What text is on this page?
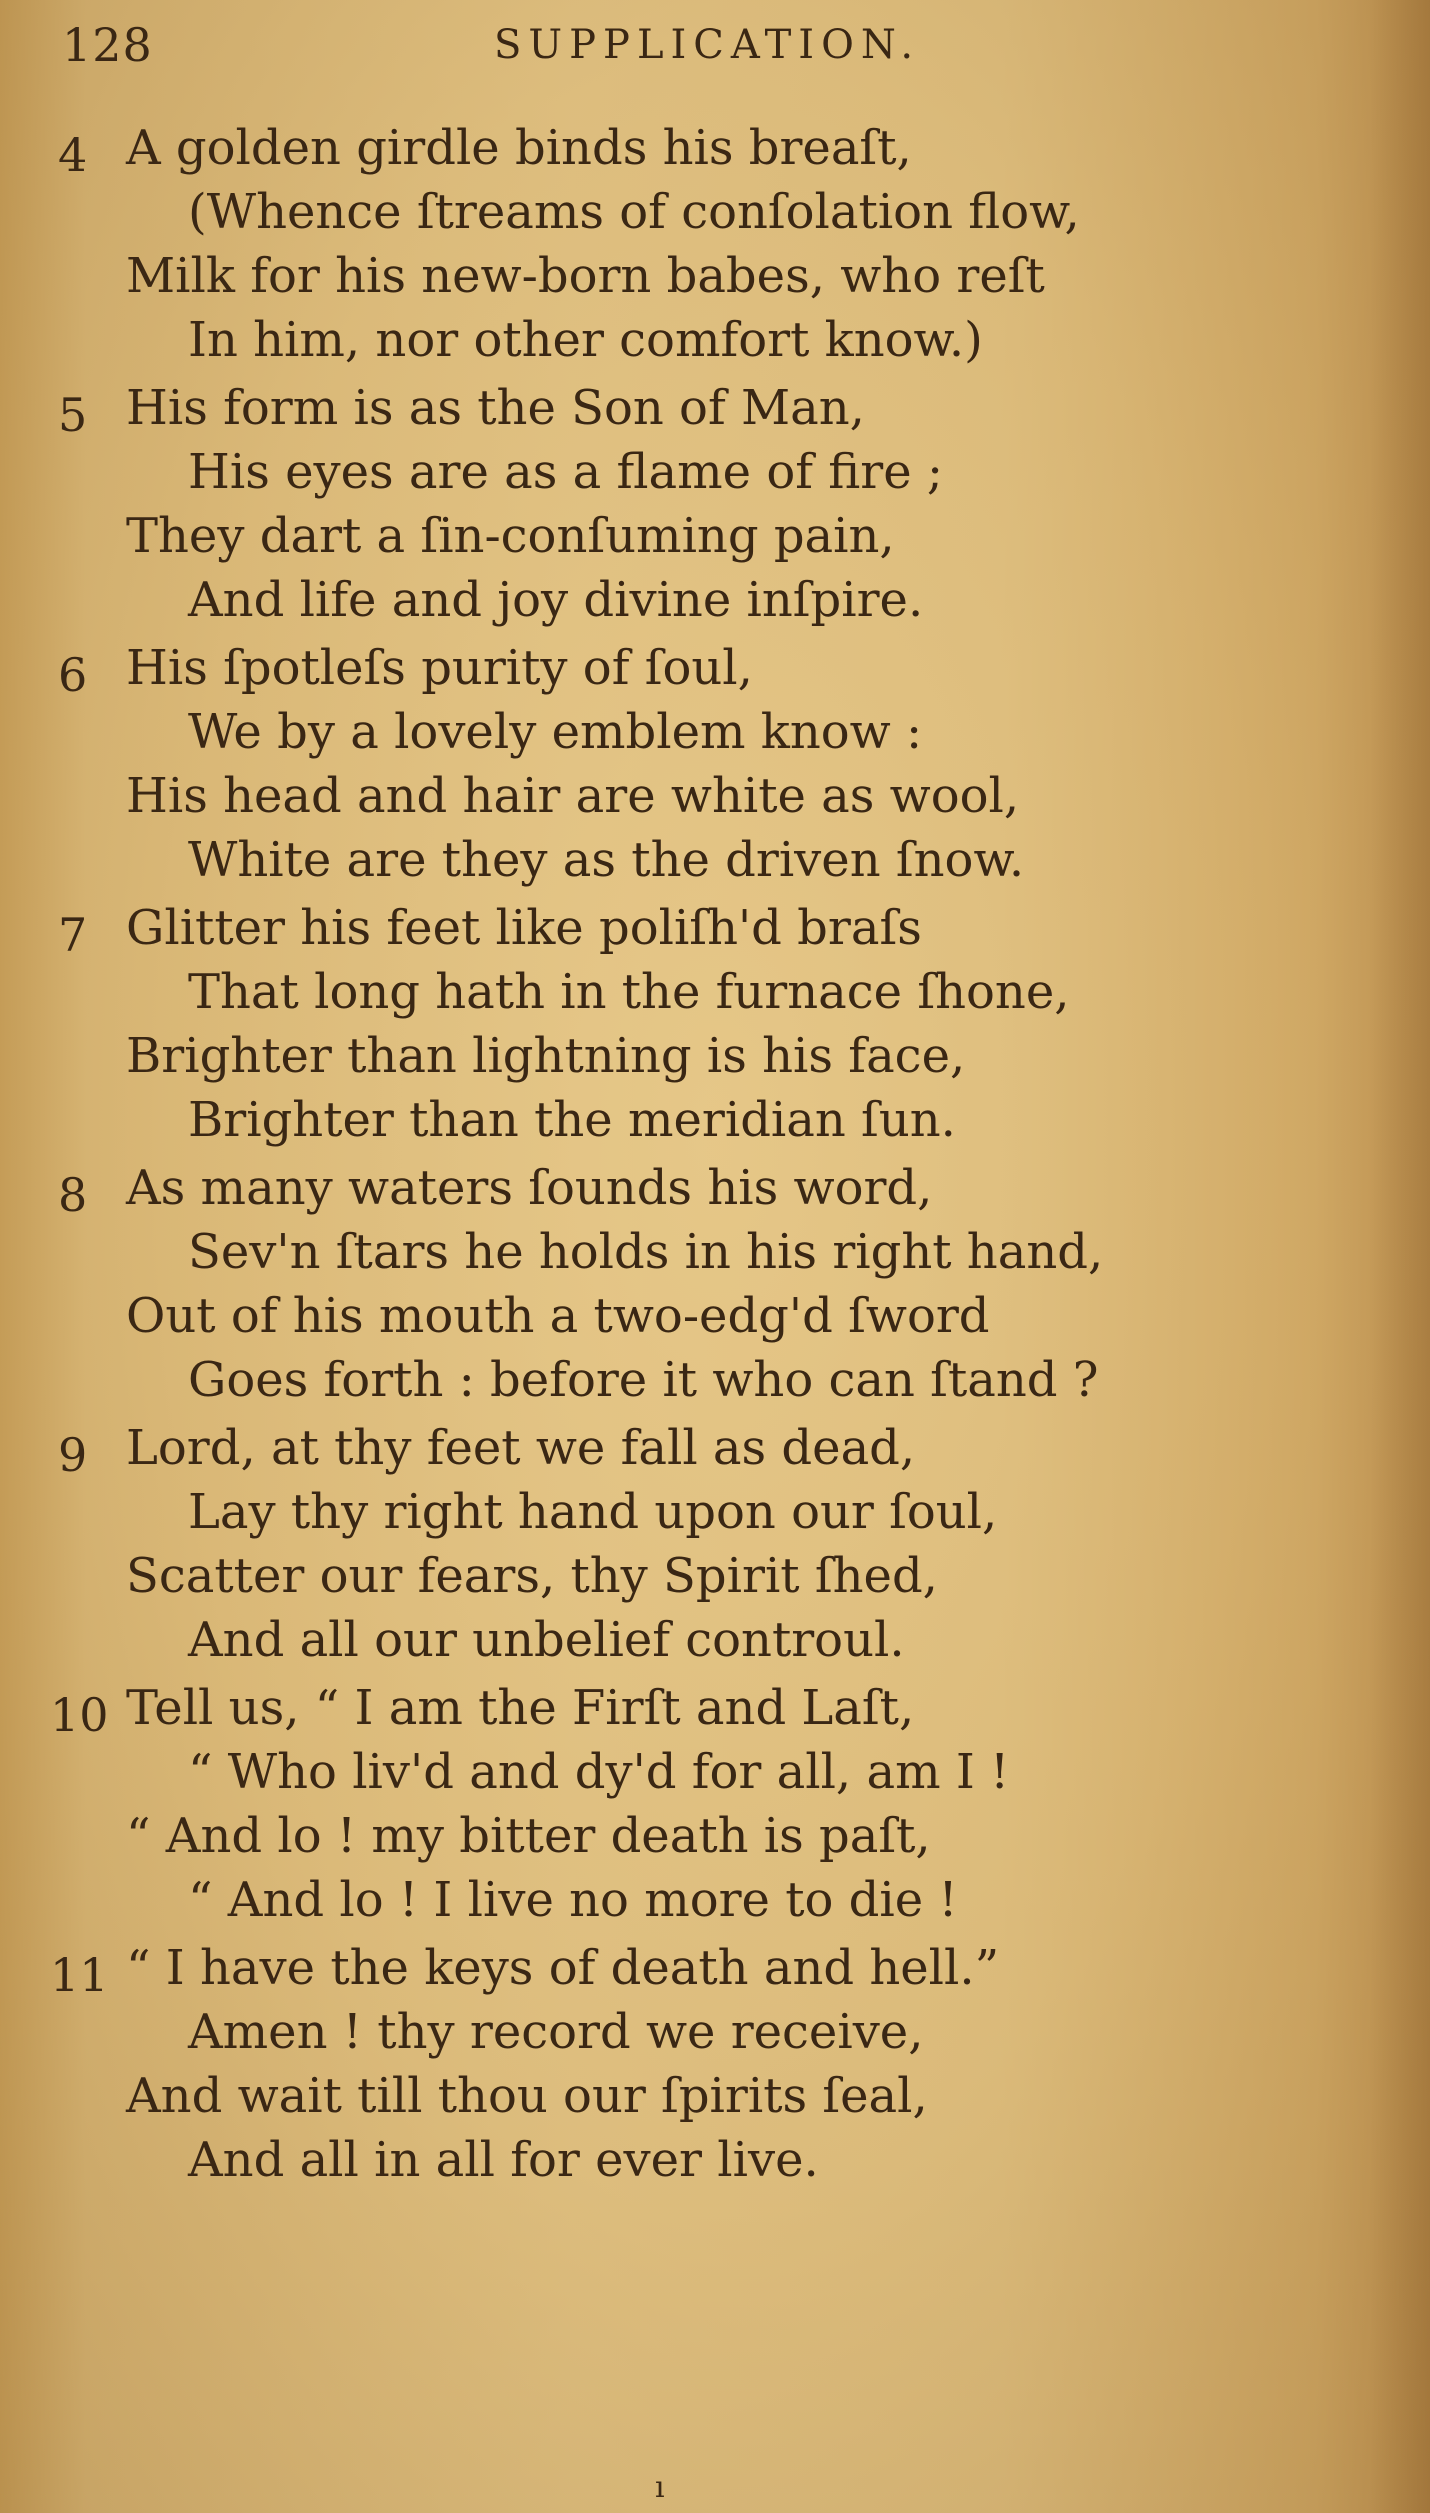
128	SUPPLICATION.
4 A golden girdle binds his breaſt,
(Whence ſtreams of conſolation flow,
Milk for his new-born babes, who reſt
In him, nor other comfort know.)
5 His form is as the Son of Man,
His eyes are as a flame of fire ;
They dart a ſin-conſuming pain,
And life and joy divine inſpire.
6 His ſpotleſs purity of ſoul,
We by a lovely emblem know :
His head and hair are white as wool,
White are they as the driven ſnow.
7 Glitter his feet like poliſh'd braſs
That long hath in the furnace ſhone,
Brighter than lightning is his face,
Brighter than the meridian ſun.
8 As many waters ſounds his word,
Sev'n ſtars he holds in his right hand,
Out of his mouth a two-edg'd ſword
Goes forth : before it who can ſtand ?
9 Lord, at thy feet we fall as dead,
Lay thy right hand upon our ſoul,
Scatter our fears, thy Spirit ſhed,
And all our unbelief controul.
10 Tell us, “ I am the Firſt and Laſt,
“ Who liv'd and dy'd for all, am I !
“ And lo ! my bitter death is paſt,
“ And lo ! I live no more to die !
11 “ I have the keys of death and hell.”
Amen ! thy record we receive,
And wait till thou our ſpirits ſeal,
And all in all for ever live.
ı
